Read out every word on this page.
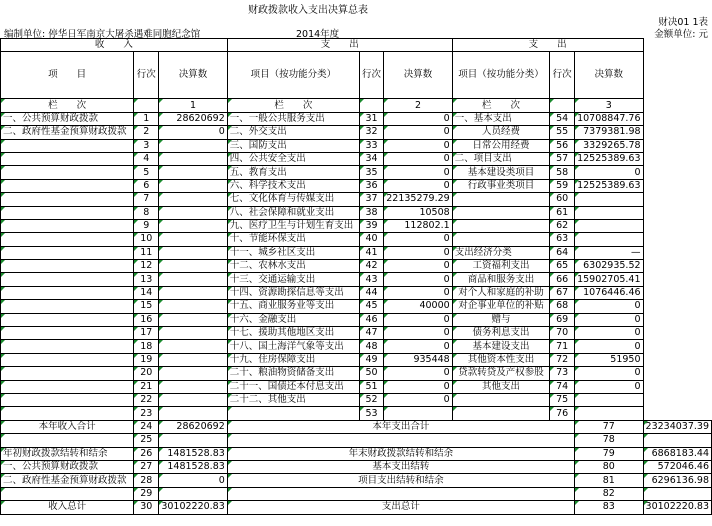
财政拨款收入支出决算总表
财决01 1表
编制单位: 停华日军南京大屠杀遇难同胞纪念馆	2014年度	金额单位: 元
收　　入			支　　出			支　　出			
项　　目	行次	决算数	项目（按功能分类）	行次	决算数	项目（按功能分类）	行次	决算数	
栏　　次		1	栏　　次		2	栏　　次		3	
一、公共预算财政拨款	1	28620692	一、一般公共服务支出	31	0	一、基本支出	54	10708847.76	
二、政府性基金预算财政拨款	2	0	二、外交支出	32	0	人员经费	55	7379381.98	
	3		三、国防支出	33	0	日常公用经费	56	3329265.78	
	4		四、公共安全支出	34	0	二、项目支出	57	12525389.63	
	5		五、教育支出	35	0	基本建设类项目	58	0	
	6		六、科学技术支出	36	0	行政事业类项目	59	12525389.63	
	7		七、文化体育与传媒支出	37	22135279.29		60		
	8		八、社会保障和就业支出	38	10508		61		
	9		九、医疗卫生与计划生育支出	39	112802.1		62		
	10		十、节能环保支出	40	0		63		
	11		十一、城乡社区支出	41	0	支出经济分类	64	—	
	12		十二、农林水支出	42	0	工资福利支出	65	6302935.52	
	13		十三、交通运输支出	43	0	商品和服务支出	66	15902705.41	
	14		十四、资源勘探信息等支出	44	0	对个人和家庭的补助	67	1076446.46	
	15		十五、商业服务业等支出	45	40000	对企事业单位的补贴	68	0	
	16		十六、金融支出	46	0	赠与	69	0	
	17		十七、援助其他地区支出	47	0	债务利息支出	70	0	
	18		十八、国土海洋气象等支出	48	0	基本建设支出	71	0	
	19		十九、住房保障支出	49	935448	其他资本性支出	72	51950	
	20		二十、粮油物资储备支出	50	0	贷款转贷及产权参股	73	0	
	21		二十一、国债还本付息支出	51	0	其他支出	74	0	
	22		二十二、其他支出	52	0		75		
	23			53			76		
本年收入合计	24	28620692	本年支出合计					77	23234037.39
	25							78	
年初财政拨款结转和结余	26	1481528.83	年末财政拨款结转和结余					79	6868183.44
一、公共预算财政拨款	27	1481528.83	基本支出结转					80	572046.46
二、政府性基金预算财政拨款	28	0	项目支出结转和结余					81	6296136.98
	29							82	
收入总计	30	30102220.83	支出总计					83	30102220.83
